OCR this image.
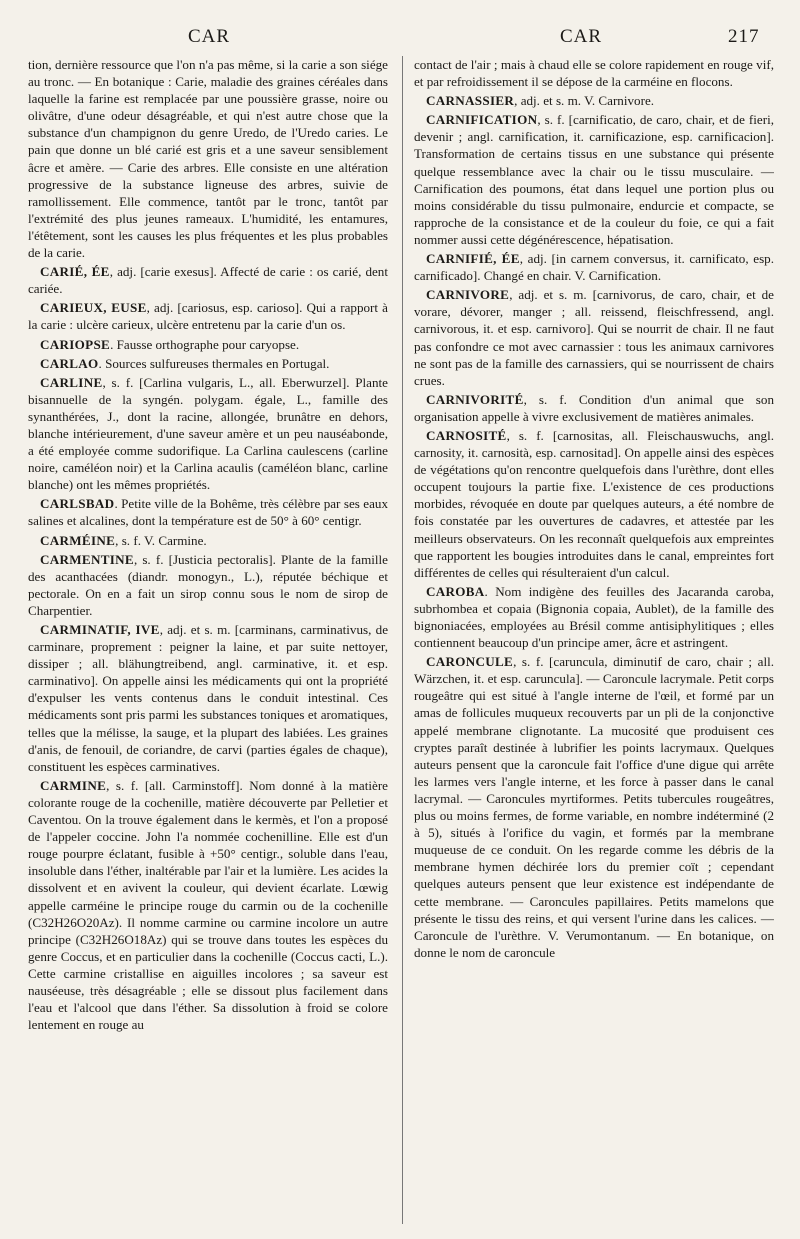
CAR	CAR	217

tion, dernière ressource que l'on n'a pas même, si la carie a son siége au tronc. — En botanique : Carie, maladie des graines céréales dans laquelle la farine est remplacée par une poussière grasse, noire ou olivâtre, d'une odeur désagréable, et qui n'est autre chose que la substance d'un champignon du genre Uredo, de l'Uredo caries. Le pain que donne un blé carié est gris et a une saveur sensiblement âcre et amère. — Carie des arbres. Elle consiste en une altération progressive de la substance ligneuse des arbres, suivie de ramollissement. Elle commence, tantôt par le tronc, tantôt par l'extrémité des plus jeunes rameaux. L'humidité, les entamures, l'étêtement, sont les causes les plus fréquentes et les plus probables de la carie.

CARIÉ, ÉE, adj. [carie exesus]. Affecté de carie : os carié, dent cariée.

CARIEUX, EUSE, adj. [cariosus, esp. carioso]. Qui a rapport à la carie : ulcère carieux, ulcère entretenu par la carie d'un os.

CARIOPSE. Fausse orthographe pour caryopse.

CARLAO. Sources sulfureuses thermales en Portugal.

CARLINE, s. f. [Carlina vulgaris, L., all. Eberwurzel]. Plante bisannuelle de la syngén. polygam. égale, L., famille des synanthérées, J., dont la racine, allongée, brunâtre en dehors, blanche intérieurement, d'une saveur amère et un peu nauséabonde, a été employée comme sudorifique. La Carlina caulescens (carline noire, caméléon noir) et la Carlina acaulis (caméléon blanc, carline blanche) ont les mêmes propriétés.

CARLSBAD. Petite ville de la Bohême, très célèbre par ses eaux salines et alcalines, dont la température est de 50° à 60° centigr.

CARMÉINE, s. f. V. Carmine.

CARMENTINE, s. f. [Justicia pectoralis]. Plante de la famille des acanthacées (diandr. monogyn., L.), réputée béchique et pectorale. On en a fait un sirop connu sous le nom de sirop de Charpentier.

CARMINATIF, IVE, adj. et s. m. [carminans, carminativus, de carminare, proprement : peigner la laine, et par suite nettoyer, dissiper ; all. blähungtreibend, angl. carminative, it. et esp. carminativo]. On appelle ainsi les médicaments qui ont la propriété d'expulser les vents contenus dans le conduit intestinal. Ces médicaments sont pris parmi les substances toniques et aromatiques, telles que la mélisse, la sauge, et la plupart des labiées. Les graines d'anis, de fenouil, de coriandre, de carvi (parties égales de chaque), constituent les espèces carminatives.

CARMINE, s. f. [all. Carminstoff]. Nom donné à la matière colorante rouge de la cochenille, matière découverte par Pelletier et Caventou. On la trouve également dans le kermès, et l'on a proposé de l'appeler coccine. John l'a nommée cochenilline. Elle est d'un rouge pourpre éclatant, fusible à +50° centigr., soluble dans l'eau, insoluble dans l'éther, inaltérable par l'air et la lumière. Les acides la dissolvent et en avivent la couleur, qui devient écarlate. Lœwig appelle carméine le principe rouge du carmin ou de la cochenille (C32H26O20Az). Il nomme carmine ou carmine incolore un autre principe (C32H26O18Az) qui se trouve dans toutes les espèces du genre Coccus, et en particulier dans la cochenille (Coccus cacti, L.). Cette carmine cristallise en aiguilles incolores ; sa saveur est nauséeuse, très désagréable ; elle se dissout plus facilement dans l'eau et l'alcool que dans l'éther. Sa dissolution à froid se colore lentement en rouge au

contact de l'air ; mais à chaud elle se colore rapidement en rouge vif, et par refroidissement il se dépose de la carméine en flocons.

CARNASSIER, adj. et s. m. V. Carnivore.

CARNIFICATION, s. f. [carnificatio, de caro, chair, et de fieri, devenir ; angl. carnification, it. carnificazione, esp. carnificacion]. Transformation de certains tissus en une substance qui présente quelque ressemblance avec la chair ou le tissu musculaire. — Carnification des poumons, état dans lequel une portion plus ou moins considérable du tissu pulmonaire, endurcie et compacte, se rapproche de la consistance et de la couleur du foie, ce qui a fait nommer aussi cette dégénérescence, hépatisation.

CARNIFIÉ, ÉE, adj. [in carnem conversus, it. carnificato, esp. carnificado]. Changé en chair. V. Carnification.

CARNIVORE, adj. et s. m. [carnivorus, de caro, chair, et de vorare, dévorer, manger ; all. reissend, fleischfressend, angl. carnivorous, it. et esp. carnivoro]. Qui se nourrit de chair. Il ne faut pas confondre ce mot avec carnassier : tous les animaux carnivores ne sont pas de la famille des carnassiers, qui se nourrissent de chairs crues.

CARNIVORITÉ, s. f. Condition d'un animal que son organisation appelle à vivre exclusivement de matières animales.

CARNOSITÉ, s. f. [carnositas, all. Fleischauswuchs, angl. carnosity, it. carnosità, esp. carnositad]. On appelle ainsi des espèces de végétations qu'on rencontre quelquefois dans l'urèthre, dont elles occupent toujours la partie fixe. L'existence de ces productions morbides, révoquée en doute par quelques auteurs, a été nombre de fois constatée par les ouvertures de cadavres, et attestée par les meilleurs observateurs. On les reconnaît quelquefois aux empreintes que rapportent les bougies introduites dans le canal, empreintes fort différentes de celles qui résulteraient d'un calcul.

CAROBA. Nom indigène des feuilles des Jacaranda caroba, subrhombea et copaia (Bignonia copaia, Aublet), de la famille des bignoniacées, employées au Brésil comme antisiphylitiques ; elles contiennent beaucoup d'un principe amer, âcre et astringent.

CARONCULE, s. f. [caruncula, diminutif de caro, chair ; all. Wärzchen, it. et esp. caruncula]. — Caroncule lacrymale. Petit corps rougeâtre qui est situé à l'angle interne de l'œil, et formé par un amas de follicules muqueux recouverts par un pli de la conjonctive appelé membrane clignotante. La mucosité que produisent ces cryptes paraît destinée à lubrifier les points lacrymaux. Quelques auteurs pensent que la caroncule fait l'office d'une digue qui arrête les larmes vers l'angle interne, et les force à passer dans le canal lacrymal. — Caroncules myrtiformes. Petits tubercules rougeâtres, plus ou moins fermes, de forme variable, en nombre indéterminé (2 à 5), situés à l'orifice du vagin, et formés par la membrane muqueuse de ce conduit. On les regarde comme les débris de la membrane hymen déchirée lors du premier coït ; cependant quelques auteurs pensent que leur existence est indépendante de cette membrane. — Caroncules papillaires. Petits mamelons que présente le tissu des reins, et qui versent l'urine dans les calices. — Caroncule de l'urèthre. V. Verumontanum. — En botanique, on donne le nom de caroncule
